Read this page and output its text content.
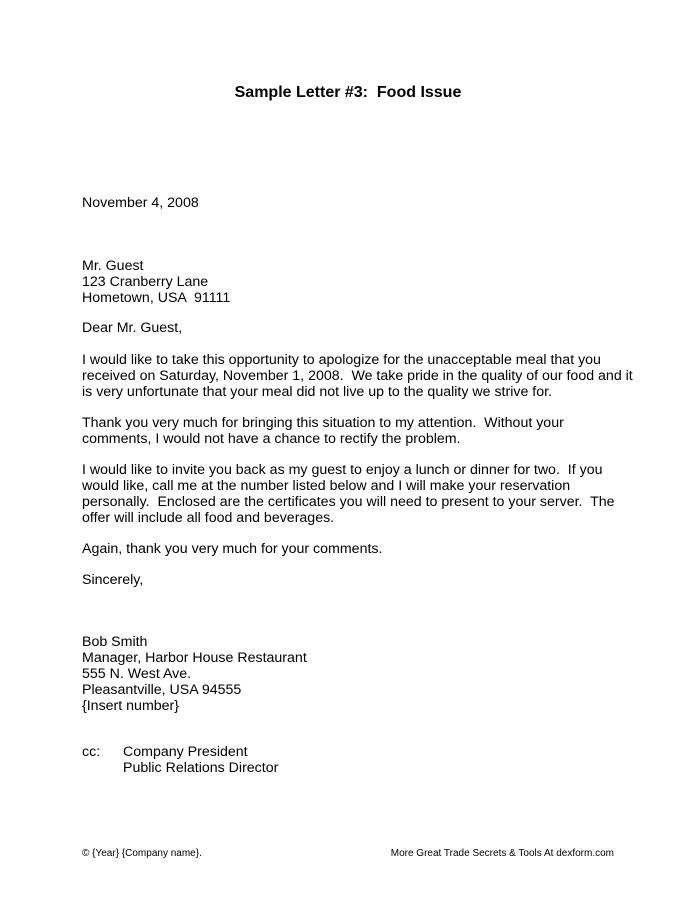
Sample Letter #3:  Food Issue
November 4, 2008
Mr. Guest
123 Cranberry Lane
Hometown, USA  91111
Dear Mr. Guest,
I would like to take this opportunity to apologize for the unacceptable meal that you
received on Saturday, November 1, 2008.  We take pride in the quality of our food and it
is very unfortunate that your meal did not live up to the quality we strive for.
Thank you very much for bringing this situation to my attention.  Without your
comments, I would not have a chance to rectify the problem.
I would like to invite you back as my guest to enjoy a lunch or dinner for two.  If you
would like, call me at the number listed below and I will make your reservation
personally.  Enclosed are the certificates you will need to present to your server.  The
offer will include all food and beverages.
Again, thank you very much for your comments.
Sincerely,
Bob Smith
Manager, Harbor House Restaurant
555 N. West Ave.
Pleasantville, USA 94555
{Insert number}
cc: Company President
Public Relations Director
© {Year} {Company name}.	More Great Trade Secrets & Tools At dexform.com
